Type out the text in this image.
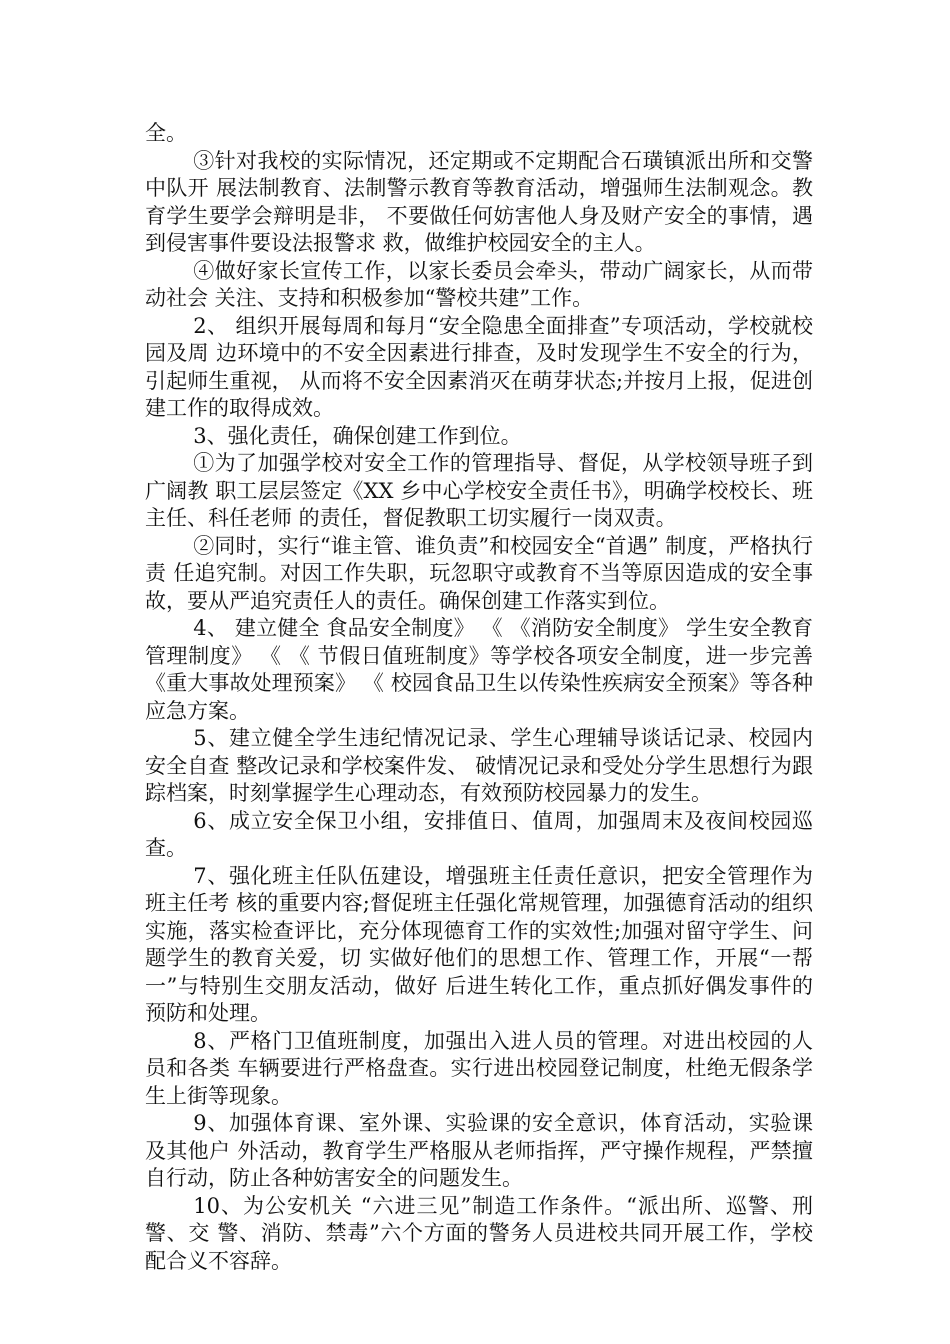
全。

③针对我校的实际情况，还定期或不定期配合石璜镇派出所和交警中队开 展法制教育、法制警示教育等教育活动，增强师生法制观念。教育学生要学会辩明是非， 不要做任何妨害他人身及财产安全的事情，遇到侵害事件要设法报警求 救，做维护校园安全的主人。

④做好家长宣传工作，以家长委员会牵头，带动广阔家长，从而带动社会 关注、支持和积极参加“警校共建”工作。

2、 组织开展每周和每月“安全隐患全面排查”专项活动，学校就校园及周 边环境中的不安全因素进行排查，及时发现学生不安全的行为，引起师生重视， 从而将不安全因素消灭在萌芽状态;并按月上报，促进创建工作的取得成效。

3、强化责任，确保创建工作到位。

①为了加强学校对安全工作的管理指导、督促，从学校领导班子到广阔教 职工层层签定《XX 乡中心学校安全责任书》，明确学校校长、班主任、科任老师 的责任，督促教职工切实履行一岗双责。

②同时，实行“谁主管、谁负责”和校园安全“首遇” 制度，严格执行责 任追究制。对因工作失职，玩忽职守或教育不当等原因造成的安全事故，要从严追究责任人的责任。确保创建工作落实到位。

4、 建立健全 食品安全制度》 《 《消防安全制度》 学生安全教育管理制度》 《 《 节假日值班制度》等学校各项安全制度，进一步完善《重大事故处理预案》 《 校园食品卫生以传染性疾病安全预案》等各种应急方案。

5、建立健全学生违纪情况记录、学生心理辅导谈话记录、校园内安全自查 整改记录和学校案件发、 破情况记录和受处分学生思想行为跟踪档案，时刻掌握学生心理动态，有效预防校园暴力的发生。

6、成立安全保卫小组，安排值日、值周，加强周末及夜间校园巡查。

7、强化班主任队伍建设，增强班主任责任意识，把安全管理作为班主任考 核的重要内容;督促班主任强化常规管理，加强德育活动的组织实施，落实检查评比，充分体现德育工作的实效性;加强对留守学生、问题学生的教育关爱，切 实做好他们的思想工作、管理工作，开展“一帮一”与特别生交朋友活动，做好 后进生转化工作，重点抓好偶发事件的预防和处理。

8、严格门卫值班制度，加强出入进人员的管理。对进出校园的人员和各类 车辆要进行严格盘查。实行进出校园登记制度，杜绝无假条学生上街等现象。

9、加强体育课、室外课、实验课的安全意识，体育活动，实验课及其他户 外活动，教育学生严格服从老师指挥，严守操作规程，严禁擅自行动，防止各种妨害安全的问题发生。

10、为公安机关 “六进三见”制造工作条件。“派出所、巡警、刑警、交 警、消防、禁毒”六个方面的警务人员进校共同开展工作，学校配合义不容辞。
